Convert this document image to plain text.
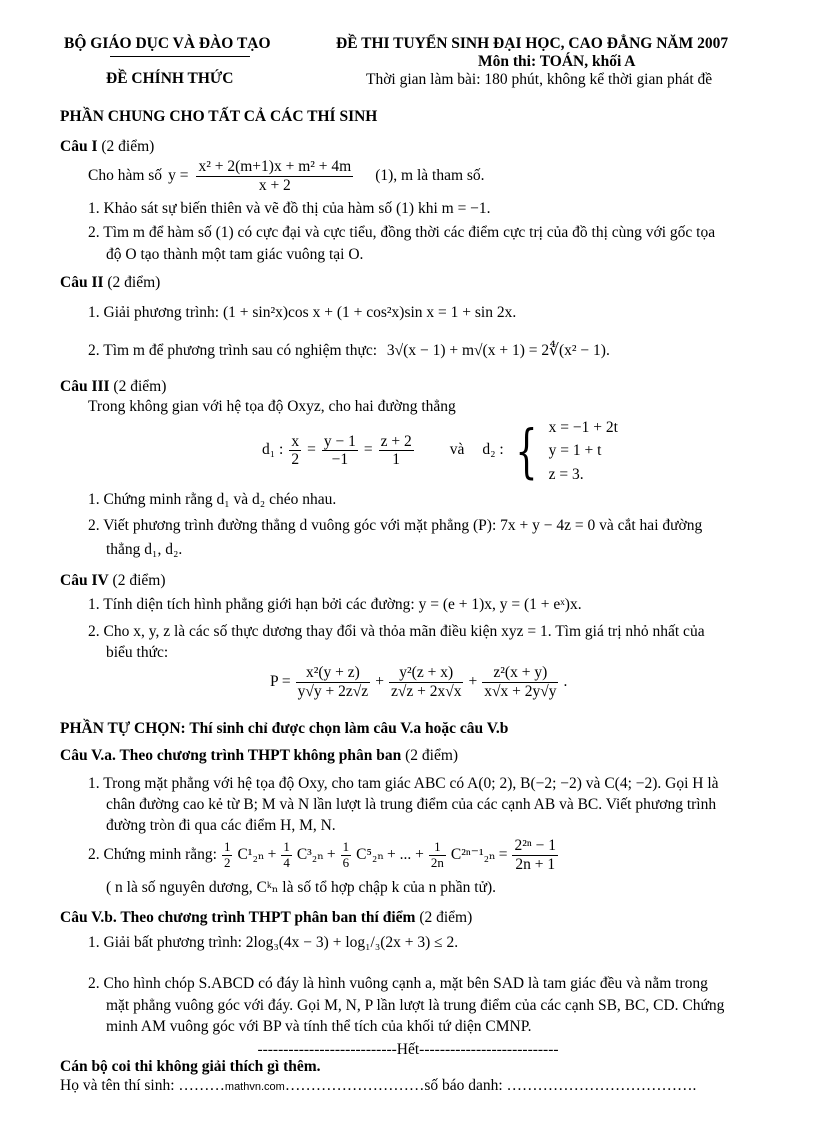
BỘ GIÁO DỤC VÀ ĐÀO TẠO
ĐỀ CHÍNH THỨC
ĐỀ THI TUYỂN SINH ĐẠI HỌC, CAO ĐẲNG NĂM 2007
Môn thi: TOÁN, khối A
Thời gian làm bài: 180 phút, không kể thời gian phát đề
PHẦN CHUNG CHO TẤT CẢ CÁC THÍ SINH
Câu I (2 điểm)
Cho hàm số $y = \frac{\text{x² + 2(m+1)x + m² + 4m}}{x + 2} (1)$, m là tham số.
1. Khảo sát sự biến thiên và vẽ đồ thị của hàm số (1) khi m = −1.
2. Tìm m để hàm số (1) có cực đại và cực tiểu, đồng thời các điểm cực trị của đồ thị cùng với gốc tọa
độ O tạo thành một tam giác vuông tại O.
Câu II (2 điểm)
1. Giải phương trình: (1 + sin²x)cos x + (1 + cos²x)sin x = 1 + sin 2x.
2. Tìm m để phương trình sau có nghiệm thực: 3√(x − 1) + m√(x + 1) = 2∜(x² − 1).
Câu III (2 điểm)
Trong không gian với hệ tọa độ Oxyz, cho hai đường thẳng
d₁ : $\frac{x}{2} = \frac{y - 1}{-1} = \frac{z + 2}{1}$ và d₂ : { x = −1 + 2t
y = 1 + t
z = 3.
1. Chứng minh rằng d₁ và d₂ chéo nhau.
2. Viết phương trình đường thẳng d vuông góc với mặt phẳng (P): 7x + y − 4z = 0 và cắt hai đường
thẳng d₁, d₂.
Câu IV (2 điểm)
1. Tính diện tích hình phẳng giới hạn bởi các đường: y = (e + 1)x, y = (1 + eˣ)x.
2. Cho x, y, z là các số thực dương thay đổi và thỏa mãn điều kiện xyz = 1. Tìm giá trị nhỏ nhất của
biểu thức:
$P = \frac{\text{x²(y + z)}}{y√y + 2z√z} + \frac{\text{y²(z + x)}}{z√z + 2x√x} + \frac{\text{z²(x + y)}}{x√x + 2y√y}$ .
PHẦN TỰ CHỌN: Thí sinh chỉ được chọn làm câu V.a hoặc câu V.b
Câu V.a. Theo chương trình THPT không phân ban (2 điểm)
1. Trong mặt phẳng với hệ tọa độ Oxy, cho tam giác ABC có A(0; 2), B(−2; −2) và C(4; −2). Gọi H là
chân đường cao kẻ từ B; M và N lần lượt là trung điểm của các cạnh AB và BC. Viết phương trình
đường tròn đi qua các điểm H, M, N.
2. Chứng minh rằng: $\frac{1}{2} C^1_{2n} + \frac{1}{4} C^3_{2n} + \frac{1}{6} C^5_{2n}$ + ... + $\frac{1}{2n} C^{2n-1}_{2n} = \frac{\text{2²ⁿ − 1}}{2n + 1}$
( n là số nguyên dương, Cᵏₙ là số tổ hợp chập k của n phần tử).
Câu V.b. Theo chương trình THPT phân ban thí điểm (2 điểm)
1. Giải bất phương trình: 2log₃(4x − 3) + log₁/₃(2x + 3) ≤ 2.
2. Cho hình chóp S.ABCD có đáy là hình vuông cạnh a, mặt bên SAD là tam giác đều và nằm trong
mặt phẳng vuông góc với đáy. Gọi M, N, P lần lượt là trung điểm của các cạnh SB, BC, CD. Chứng
minh AM vuông góc với BP và tính thể tích của khối tứ diện CMNP.
---------------------------Hết---------------------------
Cán bộ coi thi không giải thích gì thêm.
Họ và tên thí sinh: ……… mathvn.com ……………………… số báo danh: ……………………………….
